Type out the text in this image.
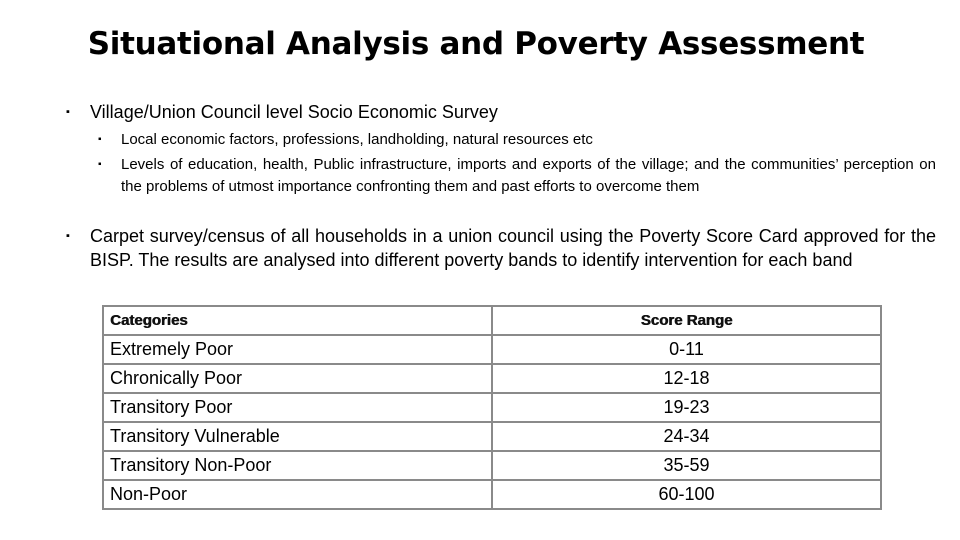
Situational Analysis and Poverty Assessment
▪ Village/Union Council level Socio Economic Survey
▪ Local economic factors, professions, landholding, natural resources etc
▪ Levels of education, health, Public infrastructure, imports and exports of the village; and the communities’ perception on the problems of utmost importance confronting them and past efforts to overcome them
▪ Carpet survey/census of all households in a union council using the Poverty Score Card approved for the BISP. The results are analysed into different poverty bands to identify intervention for each band
Categories	Score Range
Extremely Poor	0-11
Chronically Poor	12-18
Transitory Poor	19-23
Transitory Vulnerable	24-34
Transitory Non-Poor	35-59
Non-Poor	60-100
